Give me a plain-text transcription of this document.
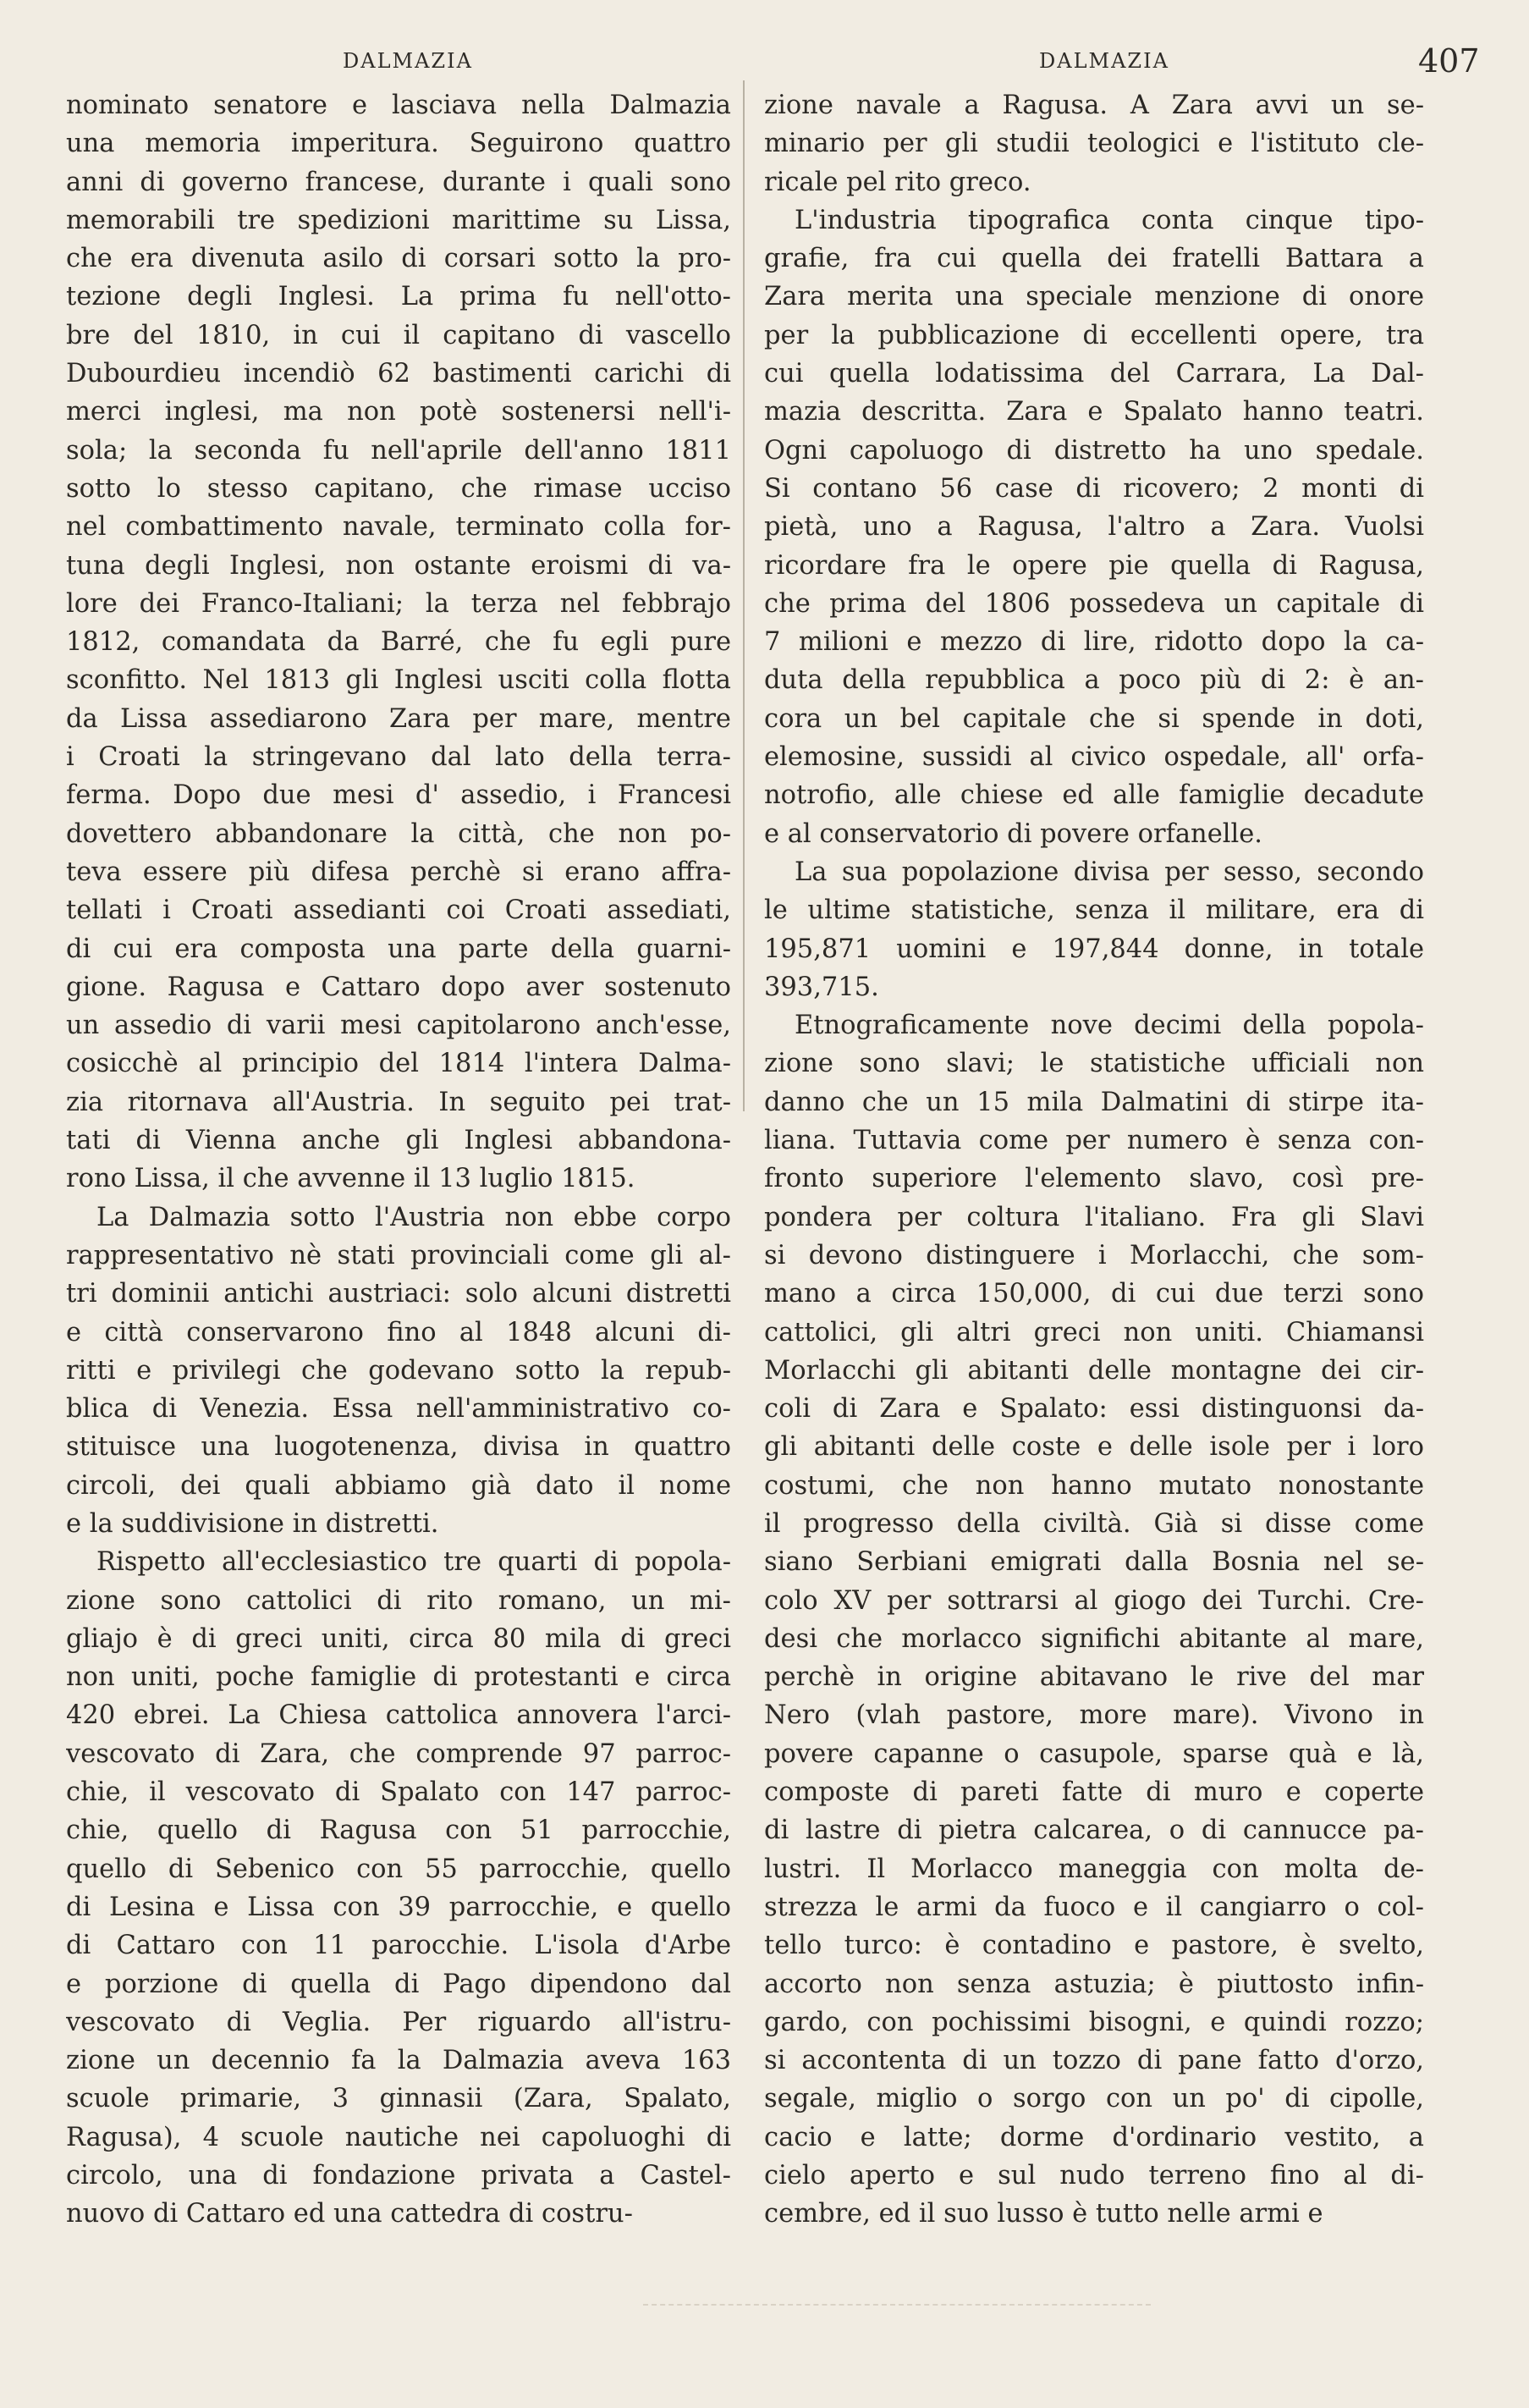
DALMAZIA	DALMAZIA	407
nominato senatore e lasciava nella Dalmazia
una memoria imperitura. Seguirono quattro
anni di governo francese, durante i quali sono
memorabili tre spedizioni marittime su Lissa,
che era divenuta asilo di corsari sotto la pro-
tezione degli Inglesi. La prima fu nell'otto-
bre del 1810, in cui il capitano di vascello
Dubourdieu incendiò 62 bastimenti carichi di
merci inglesi, ma non potè sostenersi nell'i-
sola; la seconda fu nell'aprile dell'anno 1811
sotto lo stesso capitano, che rimase ucciso
nel combattimento navale, terminato colla for-
tuna degli Inglesi, non ostante eroismi di va-
lore dei Franco-Italiani; la terza nel febbrajo
1812, comandata da Barré, che fu egli pure
sconfitto. Nel 1813 gli Inglesi usciti colla flotta
da Lissa assediarono Zara per mare, mentre
i Croati la stringevano dal lato della terra-
ferma. Dopo due mesi d' assedio, i Francesi
dovettero abbandonare la città, che non po-
teva essere più difesa perchè si erano affra-
tellati i Croati assedianti coi Croati assediati,
di cui era composta una parte della guarni-
gione. Ragusa e Cattaro dopo aver sostenuto
un assedio di varii mesi capitolarono anch'esse,
cosicchè al principio del 1814 l'intera Dalma-
zia ritornava all'Austria. In seguito pei trat-
tati di Vienna anche gli Inglesi abbandona-
rono Lissa, il che avvenne il 13 luglio 1815.
La Dalmazia sotto l'Austria non ebbe corpo
rappresentativo nè stati provinciali come gli al-
tri dominii antichi austriaci: solo alcuni distretti
e città conservarono fino al 1848 alcuni di-
ritti e privilegi che godevano sotto la repub-
blica di Venezia. Essa nell'amministrativo co-
stituisce una luogotenenza, divisa in quattro
circoli, dei quali abbiamo già dato il nome
e la suddivisione in distretti.
Rispetto all'ecclesiastico tre quarti di popola-
zione sono cattolici di rito romano, un mi-
gliajo è di greci uniti, circa 80 mila di greci
non uniti, poche famiglie di protestanti e circa
420 ebrei. La Chiesa cattolica annovera l'arci-
vescovato di Zara, che comprende 97 parroc-
chie, il vescovato di Spalato con 147 parroc-
chie, quello di Ragusa con 51 parrocchie,
quello di Sebenico con 55 parrocchie, quello
di Lesina e Lissa con 39 parrocchie, e quello
di Cattaro con 11 parocchie. L'isola d'Arbe
e porzione di quella di Pago dipendono dal
vescovato di Veglia. Per riguardo all'istru-
zione un decennio fa la Dalmazia aveva 163
scuole primarie, 3 ginnasii (Zara, Spalato,
Ragusa), 4 scuole nautiche nei capoluoghi di
circolo, una di fondazione privata a Castel-
nuovo di Cattaro ed una cattedra di costru-
zione navale a Ragusa. A Zara avvi un se-
minario per gli studii teologici e l'istituto cle-
ricale pel rito greco.
L'industria tipografica conta cinque tipo-
grafie, fra cui quella dei fratelli Battara a
Zara merita una speciale menzione di onore
per la pubblicazione di eccellenti opere, tra
cui quella lodatissima del Carrara, La Dal-
mazia descritta. Zara e Spalato hanno teatri.
Ogni capoluogo di distretto ha uno spedale.
Si contano 56 case di ricovero; 2 monti di
pietà, uno a Ragusa, l'altro a Zara. Vuolsi
ricordare fra le opere pie quella di Ragusa,
che prima del 1806 possedeva un capitale di
7 milioni e mezzo di lire, ridotto dopo la ca-
duta della repubblica a poco più di 2: è an-
cora un bel capitale che si spende in doti,
elemosine, sussidi al civico ospedale, all' orfa-
notrofio, alle chiese ed alle famiglie decadute
e al conservatorio di povere orfanelle.
La sua popolazione divisa per sesso, secondo
le ultime statistiche, senza il militare, era di
195,871 uomini e 197,844 donne, in totale
393,715.
Etnograficamente nove decimi della popola-
zione sono slavi; le statistiche ufficiali non
danno che un 15 mila Dalmatini di stirpe ita-
liana. Tuttavia come per numero è senza con-
fronto superiore l'elemento slavo, così pre-
pondera per coltura l'italiano. Fra gli Slavi
si devono distinguere i Morlacchi, che som-
mano a circa 150,000, di cui due terzi sono
cattolici, gli altri greci non uniti. Chiamansi
Morlacchi gli abitanti delle montagne dei cir-
coli di Zara e Spalato: essi distinguonsi da-
gli abitanti delle coste e delle isole per i loro
costumi, che non hanno mutato nonostante
il progresso della civiltà. Già si disse come
siano Serbiani emigrati dalla Bosnia nel se-
colo XV per sottrarsi al giogo dei Turchi. Cre-
desi che morlacco significhi abitante al mare,
perchè in origine abitavano le rive del mar
Nero (vlah pastore, more mare). Vivono in
povere capanne o casupole, sparse quà e là,
composte di pareti fatte di muro e coperte
di lastre di pietra calcarea, o di cannucce pa-
lustri. Il Morlacco maneggia con molta de-
strezza le armi da fuoco e il cangiarro o col-
tello turco: è contadino e pastore, è svelto,
accorto non senza astuzia; è piuttosto infin-
gardo, con pochissimi bisogni, e quindi rozzo;
si accontenta di un tozzo di pane fatto d'orzo,
segale, miglio o sorgo con un po' di cipolle,
cacio e latte; dorme d'ordinario vestito, a
cielo aperto e sul nudo terreno fino al di-
cembre, ed il suo lusso è tutto nelle armi e
